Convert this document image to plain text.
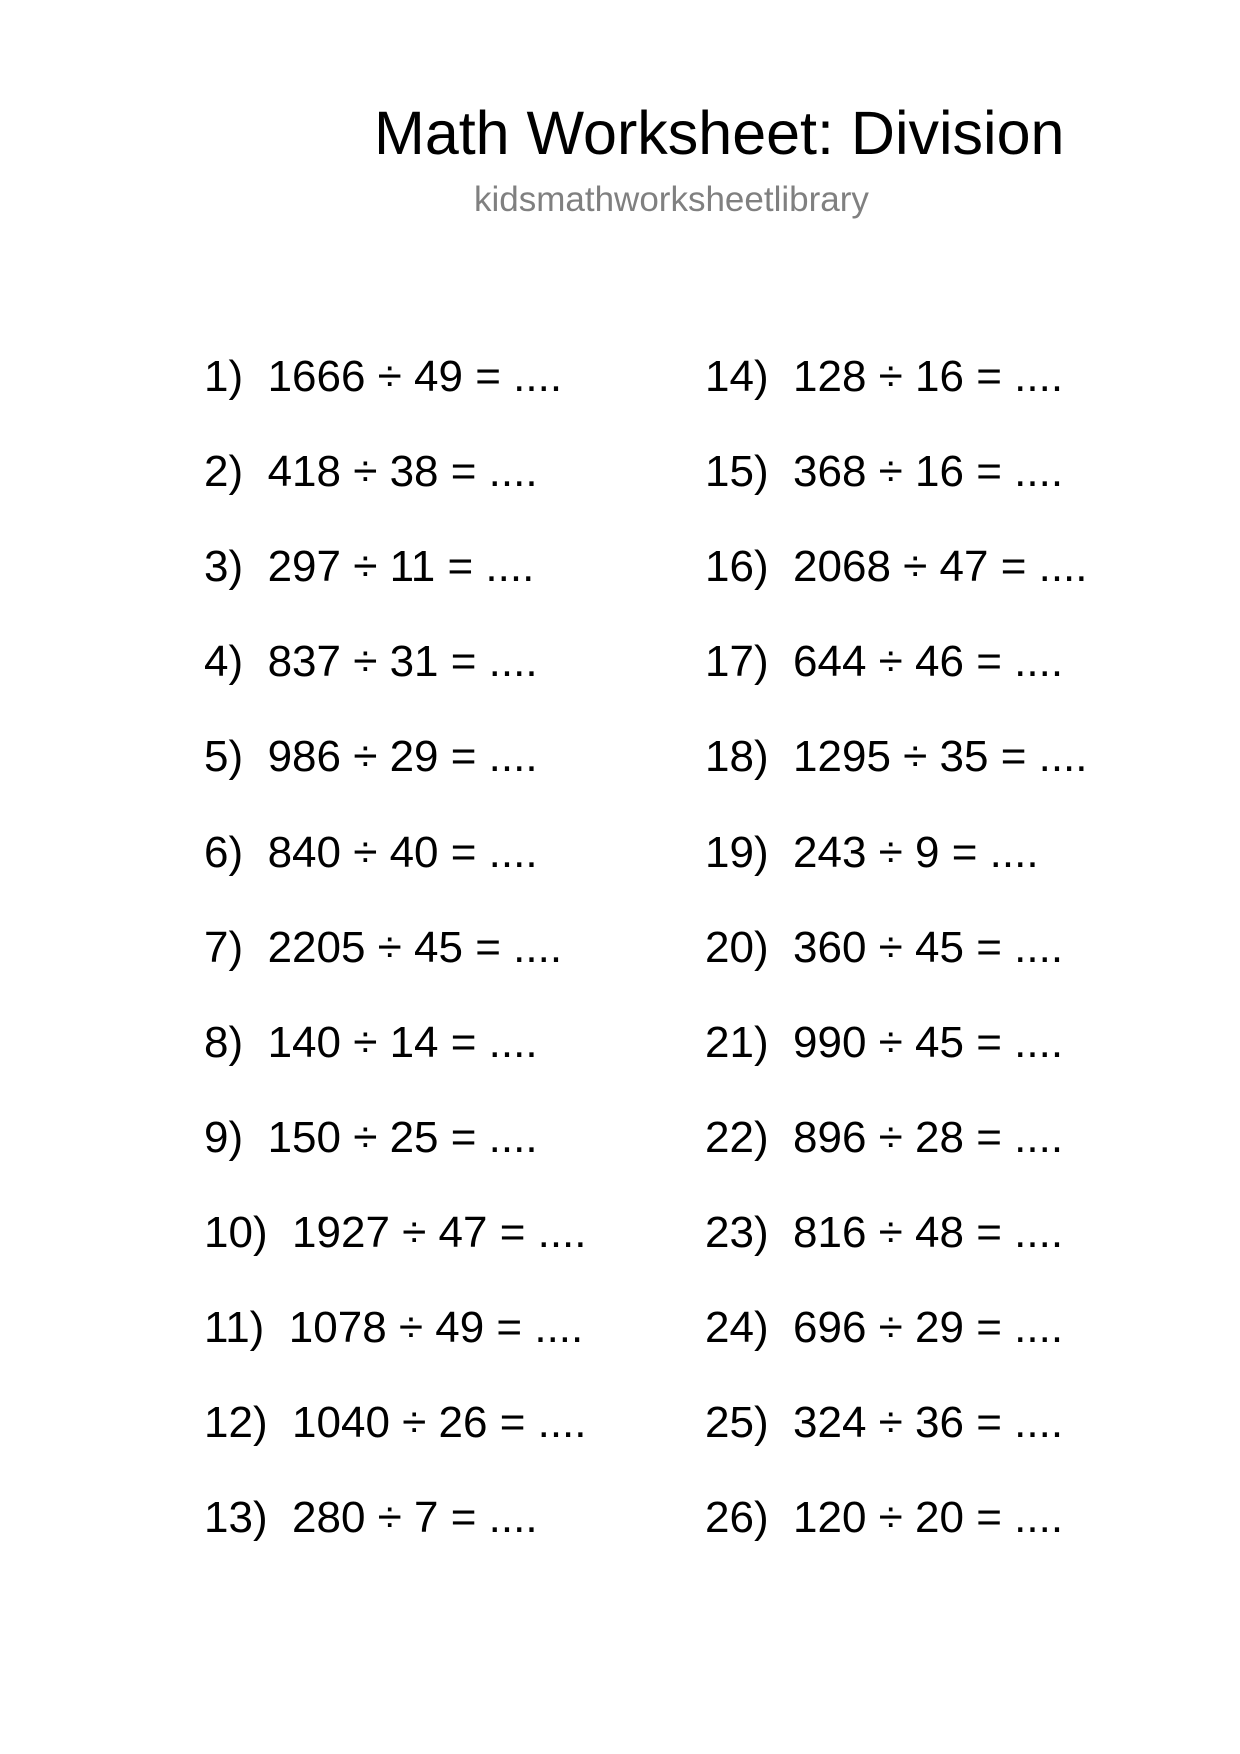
Math Worksheet: Division
kidsmathworksheetlibrary
1)  1666 ÷ 49 = ....
2)  418 ÷ 38 = ....
3)  297 ÷ 11 = ....
4)  837 ÷ 31 = ....
5)  986 ÷ 29 = ....
6)  840 ÷ 40 = ....
7)  2205 ÷ 45 = ....
8)  140 ÷ 14 = ....
9)  150 ÷ 25 = ....
10)  1927 ÷ 47 = ....
11)  1078 ÷ 49 = ....
12)  1040 ÷ 26 = ....
13)  280 ÷ 7 = ....
14)  128 ÷ 16 = ....
15)  368 ÷ 16 = ....
16)  2068 ÷ 47 = ....
17)  644 ÷ 46 = ....
18)  1295 ÷ 35 = ....
19)  243 ÷ 9 = ....
20)  360 ÷ 45 = ....
21)  990 ÷ 45 = ....
22)  896 ÷ 28 = ....
23)  816 ÷ 48 = ....
24)  696 ÷ 29 = ....
25)  324 ÷ 36 = ....
26)  120 ÷ 20 = ....
